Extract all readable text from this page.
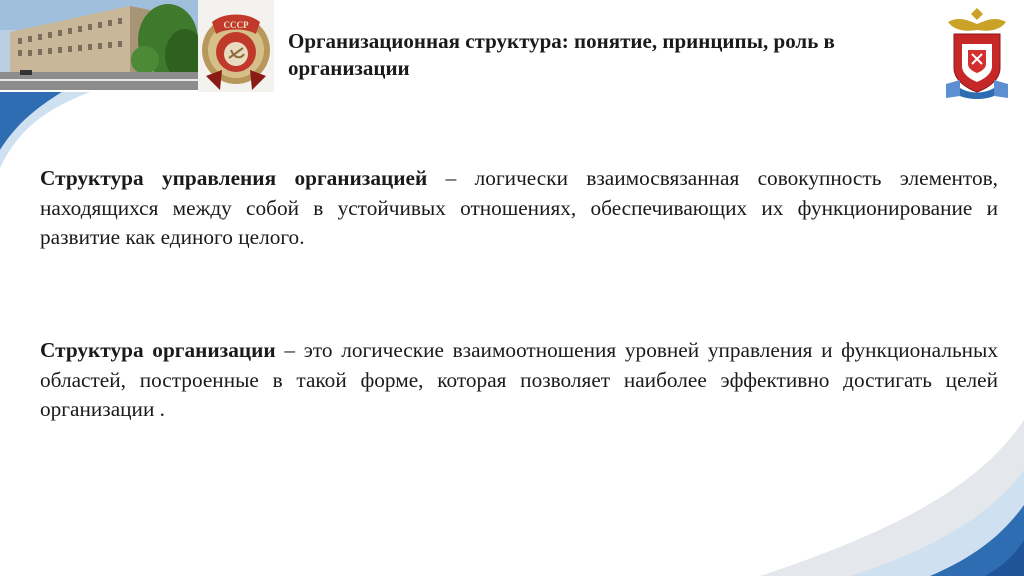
СССР
Организационная структура: понятие, принципы, роль в организации

Структура управления организацией – логически взаимосвязанная совокупность элементов, находящихся между собой в устойчивых отношениях, обеспечивающих их функционирование и развитие как единого целого.

Структура организации – это логические взаимоотношения уровней управления и функциональных областей, построенные в такой форме, которая позволяет наиболее эффективно достигать целей организации .
